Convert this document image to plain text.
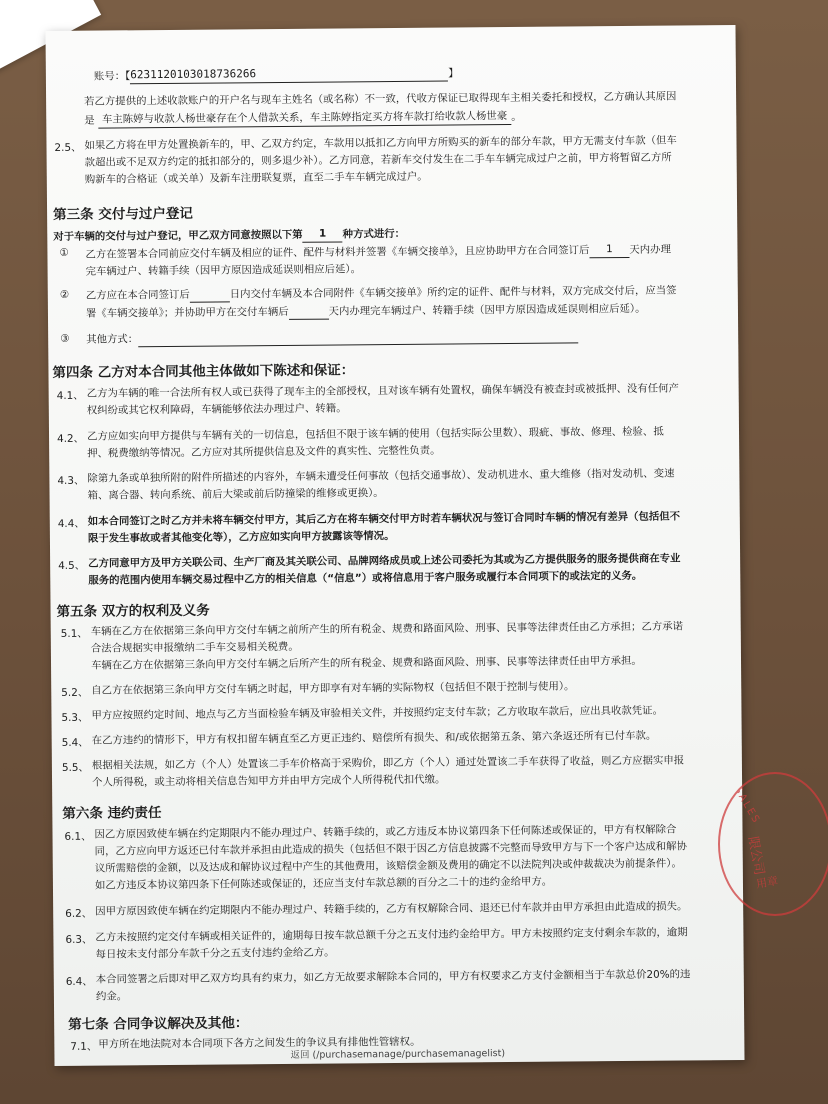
账号：【6231120103018736266	】
若乙方提供的上述收款账户的开户名与现车主姓名（或名称）不一致，代收方保证已取得现车主相关委托和授权，乙方确认其原因
是 车主陈婷与收款人杨世豪存在个人借款关系，车主陈婷指定买方将车款打给收款人杨世豪 。
2.5、 如果乙方将在甲方处置换新车的，甲、乙双方约定，车款用以抵扣乙方向甲方所购买的新车的部分车款，甲方无需支付车款（但车
款超出或不足双方约定的抵扣部分的，则多退少补）。乙方同意，若新车交付发生在二手车车辆完成过户之前，甲方将暂留乙方所
购新车的合格证（或关单）及新车注册联复票，直至二手车车辆完成过户。
第三条 交付与过户登记
对于车辆的交付与过户登记，甲乙双方同意按照以下第 1 种方式进行：
① 乙方在签署本合同前应交付车辆及相应的证件、配件与材料并签署《车辆交接单》，且应协助甲方在合同签订后 1 天内办理
完车辆过户、转籍手续（因甲方原因造成延误则相应后延）。
② 乙方应在本合同签订后	日内交付车辆及本合同附件《车辆交接单》所约定的证件、配件与材料，双方完成交付后，应当签
署《车辆交接单》；并协助甲方在交付车辆后	天内办理完车辆过户、转籍手续（因甲方原因造成延误则相应后延）。
③ 其他方式：
第四条 乙方对本合同其他主体做如下陈述和保证：
4.1、 乙方为车辆的唯一合法所有权人或已获得了现车主的全部授权，且对该车辆有处置权，确保车辆没有被查封或被抵押、没有任何产
权纠纷或其它权利障碍，车辆能够依法办理过户、转籍。
4.2、 乙方应如实向甲方提供与车辆有关的一切信息，包括但不限于该车辆的使用（包括实际公里数）、瑕疵、事故、修理、检验、抵
押、税费缴纳等情况。乙方应对其所提供信息及文件的真实性、完整性负责。
4.3、 除第九条或单独所附的附件所描述的内容外，车辆未遭受任何事故（包括交通事故）、发动机进水、重大维修（指对发动机、变速
箱、离合器、转向系统、前后大梁或前后防撞梁的维修或更换）。
4.4、 如本合同签订之时乙方并未将车辆交付甲方，其后乙方在将车辆交付甲方时若车辆状况与签订合同时车辆的情况有差异（包括但不
限于发生事故或者其他变化等），乙方应如实向甲方披露该等情况。
4.5、 乙方同意甲方及甲方关联公司、生产厂商及其关联公司、品牌网络成员或上述公司委托为其或为乙方提供服务的服务提供商在专业
服务的范围内使用车辆交易过程中乙方的相关信息（“信息”）或将信息用于客户服务或履行本合同项下的或法定的义务。
第五条 双方的权利及义务
5.1、 车辆在乙方在依据第三条向甲方交付车辆之前所产生的所有税金、规费和路面风险、刑事、民事等法律责任由乙方承担；乙方承诺
合法合规据实申报缴纳二手车交易相关税费。
车辆在乙方在依据第三条向甲方交付车辆之后所产生的所有税金、规费和路面风险、刑事、民事等法律责任由甲方承担。
5.2、 自乙方在依据第三条向甲方交付车辆之时起，甲方即享有对车辆的实际物权（包括但不限于控制与使用）。
5.3、 甲方应按照约定时间、地点与乙方当面检验车辆及审验相关文件，并按照约定支付车款；乙方收取车款后，应出具收款凭证。
5.4、 在乙方违约的情形下，甲方有权扣留车辆直至乙方更正违约、赔偿所有损失、和/或依据第五条、第六条返还所有已付车款。
5.5、 根据相关法规，如乙方（个人）处置该二手车价格高于采购价，即乙方（个人）通过处置该二手车获得了收益，则乙方应据实申报
个人所得税，或主动将相关信息告知甲方并由甲方完成个人所得税代扣代缴。
第六条 违约责任
6.1、 因乙方原因致使车辆在约定期限内不能办理过户、转籍手续的，或乙方违反本协议第四条下任何陈述或保证的，甲方有权解除合
同，乙方应向甲方返还已付车款并承担由此造成的损失（包括但不限于因乙方信息披露不完整而导致甲方与下一个客户达成和解协
议所需赔偿的金额，以及达成和解协议过程中产生的其他费用，该赔偿金额及费用的确定不以法院判决或仲裁裁决为前提条件）。
如乙方违反本协议第四条下任何陈述或保证的，还应当支付车款总额的百分之二十的违约金给甲方。
6.2、 因甲方原因致使车辆在约定期限内不能办理过户、转籍手续的，乙方有权解除合同、退还已付车款并由甲方承担由此造成的损失。
6.3、 乙方未按照约定交付车辆或相关证件的，逾期每日按车款总额千分之五支付违约金给甲方。甲方未按照约定支付剩余车款的，逾期
每日按未支付部分车款千分之五支付违约金给乙方。
6.4、 本合同签署之后即对甲乙双方均具有约束力，如乙方无故要求解除本合同的，甲方有权要求乙方支付金额相当于车款总价20%的违
约金。
第七条 合同争议解决及其他：
7.1、 甲方所在地法院对本合同项下各方之间发生的争议具有排他性管辖权。
返回 (/purchasemanage/purchasemanagelist)
SALES
限公司
用章
